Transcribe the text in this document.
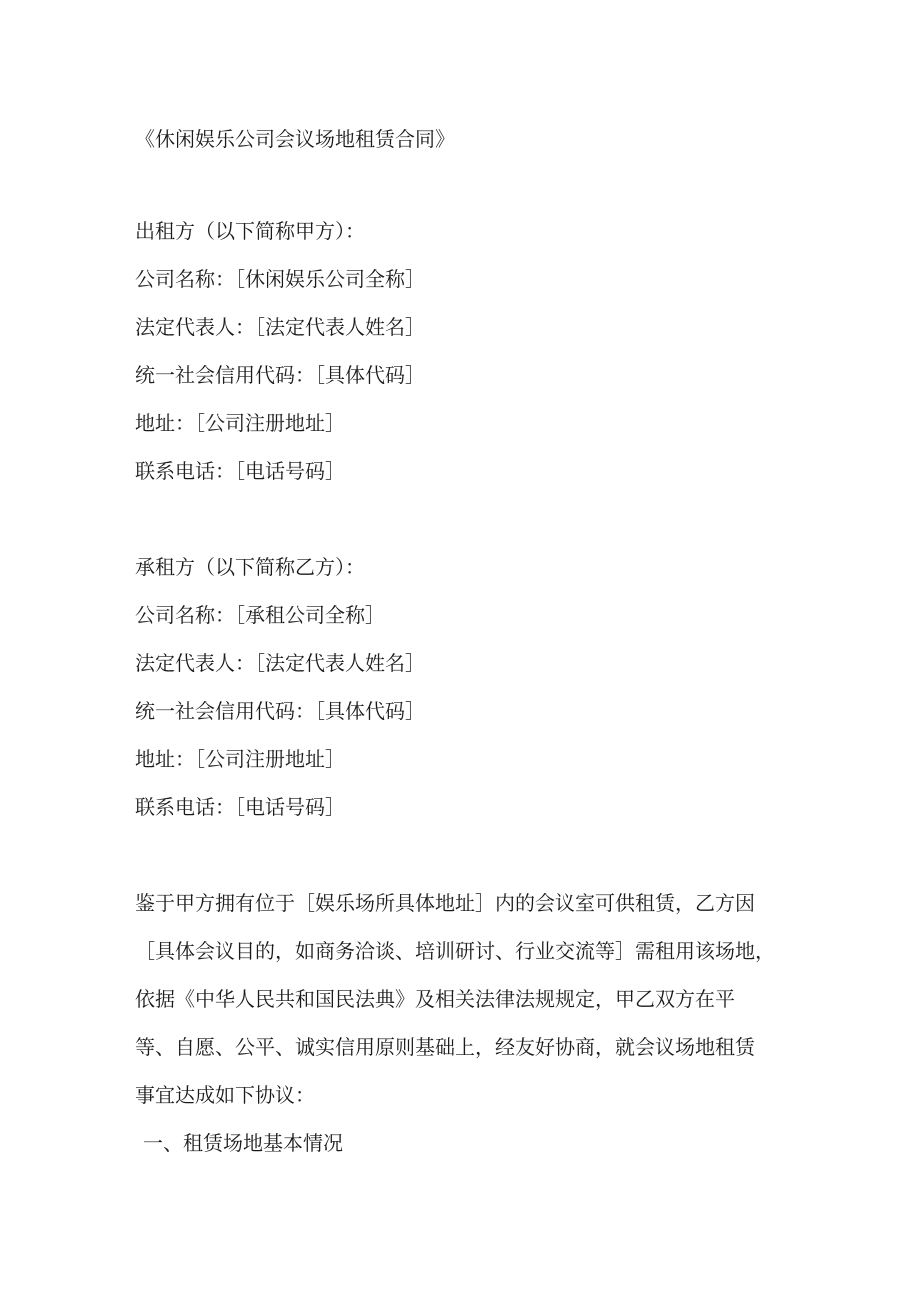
《休闲娱乐公司会议场地租赁合同》
出租方（以下简称甲方）：
公司名称：［休闲娱乐公司全称］
法定代表人：［法定代表人姓名］
统一社会信用代码：［具体代码］
地址：［公司注册地址］
联系电话：［电话号码］
承租方（以下简称乙方）：
公司名称：［承租公司全称］
法定代表人：［法定代表人姓名］
统一社会信用代码：［具体代码］
地址：［公司注册地址］
联系电话：［电话号码］
鉴于甲方拥有位于［娱乐场所具体地址］内的会议室可供租赁，乙方因
［具体会议目的，如商务洽谈、培训研讨、行业交流等］需租用该场地，
依据《中华人民共和国民法典》及相关法律法规规定，甲乙双方在平
等、自愿、公平、诚实信用原则基础上，经友好协商，就会议场地租赁
事宜达成如下协议：
一、租赁场地基本情况
